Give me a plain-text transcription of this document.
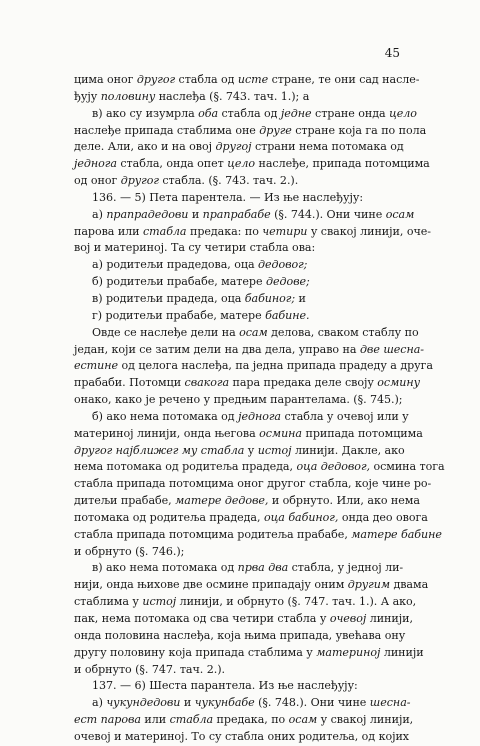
45
цима оног другог стабла од исте стране, те они сад наслe-
ђују половину наслеђа (§. 743. тач. 1.); а
в) ако су изумрла оба стабла од једне стране онда цело
наслеђе припада стаблима оне друге стране која га по пола
деле. Али, ако и на овој другој страни нема потомака од
једнога стабла, онда опет цело наслеђе, припада потомцима
од оног другог стабла. (§. 743. тач. 2.).
136. — 5) Пета парентела. — Из ње наслеђују:
а) прапрадедови и прапрабабе (§. 744.). Они чине осам
парова или стабла предака: по четири у свакој линији, оче-
вој и материној. Та су четири стабла ова:
а) родитељи прадедова, оца дедовог;
б) родитељи прабабе, матере дедове;
в) родитељи прадеда, оца бабиног; и
г) родитељи прабабе, матере бабине.
Овде се наслеђе дели на осам делова, сваком стаблу по
један, који се затим дели на два дела, управо на две шесна-
естине од целога наслеђа, па једна припада прадеду а друга
прабаби. Потомци свакога пара предака деле своју осмину
онако, како је речено у предњим парантелама. (§. 745.);
б) ако нема потомака од једнога стабла у очевој или у
материној линији, онда његова осмина припада потомцима
другог најближег му стабла у истој линији. Дакле, ако
нема потомака од родитеља прадеда, оца дедовог, осмина тога
стабла припада потомцима оног другог стабла, које чине ро-
дитељи прабабе, матере дедове, и обрнуто. Или, ако нема
потомака од родитеља прадеда, оца бабиног, онда део овога
стабла припада потомцима родитеља прабабе, матере бабине
и обрнуто (§. 746.);
в) ако нема потомака од прва два стабла, у једној ли-
нији, онда њихове две осмине припадају оним другим двама
стаблима у истој линији, и обрнуто (§. 747. тач. 1.). А ако,
пак, нема потомака од сва четири стабла у очевој линији,
онда половина наслеђа, која њима припада, увећава ону
другу половину која припада стаблима у материној линији
и обрнуто (§. 747. тач. 2.).
137. — 6) Шеста парантела. Из ње наслеђују:
а) чукундедови и чукунбабе (§. 748.). Они чине шесна-
ест парова или стабла предака, по осам у свакој линији,
очевој и материној. То су стабла оних родитеља, од којих
